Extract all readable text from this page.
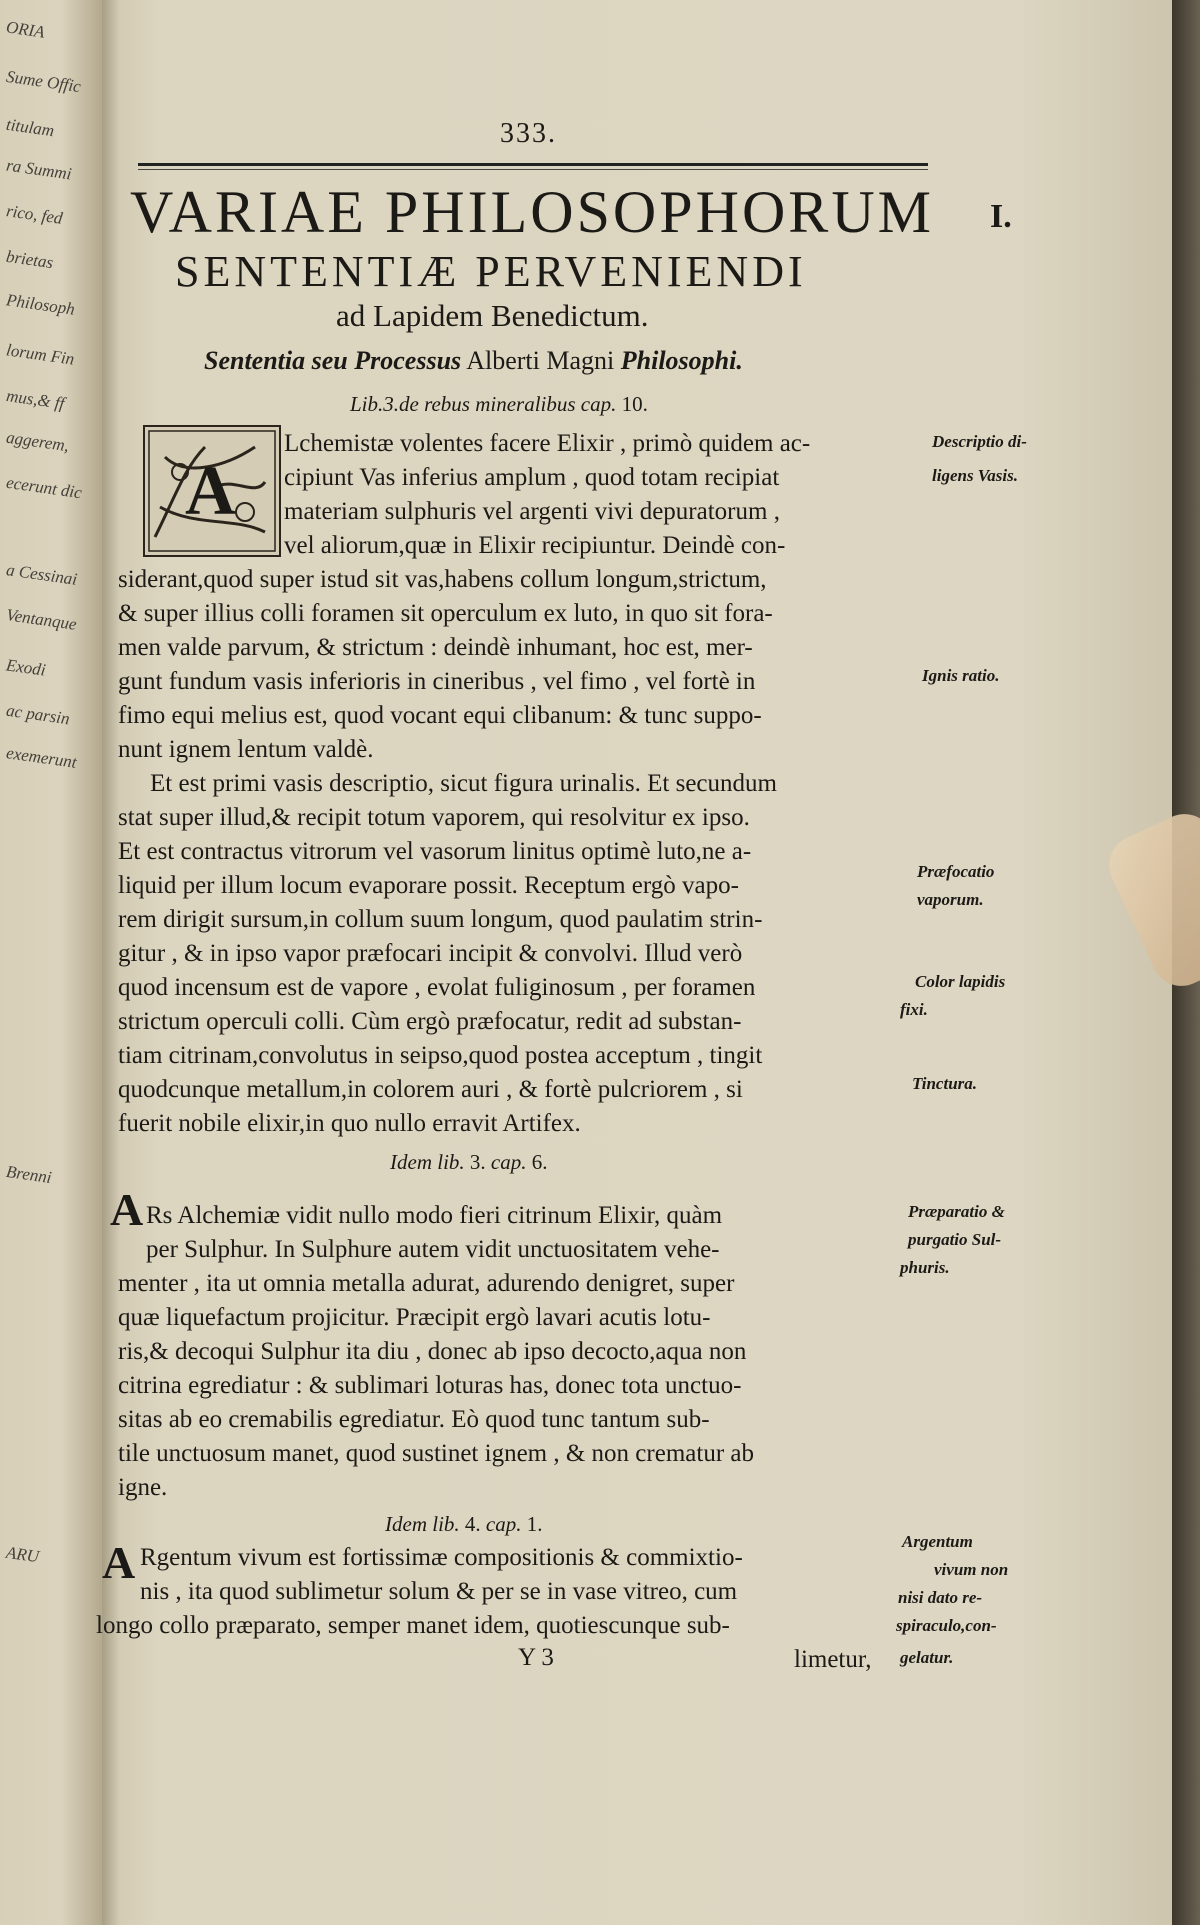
ORIA
Sume Offic
titulam
ra Summi
rico, fed
brietas
Philosoph
lorum Fin
mus,& ff
aggerem,
ecerunt dic
a Cessinai
Ventanque
Exodi
ac parsin
exemerunt
Brenni
ARU
333.
VARIAE PHILOSOPHORUM I.
SENTENTIÆ PERVENIENDI
ad Lapidem Benedictum.
Sententia seu Processus Alberti Magni Philosophi.
Lib.3.de rebus mineralibus cap. 10.
A
Lchemistæ volentes facere Elixir , primò quidem ac-
cipiunt Vas inferius amplum , quod totam recipiat
materiam sulphuris vel argenti vivi depuratorum ,
vel aliorum,quæ in Elixir recipiuntur. Deindè con-
siderant,quod super istud sit vas,habens collum longum,strictum,
& super illius colli foramen sit operculum ex luto, in quo sit fora-
men valde parvum, & strictum : deindè inhumant, hoc est, mer-
gunt fundum vasis inferioris in cineribus , vel fimo , vel fortè in
fimo equi melius est, quod vocant equi clibanum: & tunc suppo-
nunt ignem lentum valdè.
Et est primi vasis descriptio, sicut figura urinalis. Et secundum
stat super illud,& recipit totum vaporem, qui resolvitur ex ipso.
Et est contractus vitrorum vel vasorum linitus optimè luto,ne a-
liquid per illum locum evaporare possit. Receptum ergò vapo-
rem dirigit sursum,in collum suum longum, quod paulatim strin-
gitur , & in ipso vapor præfocari incipit & convolvi. Illud verò
quod incensum est de vapore , evolat fuliginosum , per foramen
strictum operculi colli. Cùm ergò præfocatur, redit ad substan-
tiam citrinam,convolutus in seipso,quod postea acceptum , tingit
quodcunque metallum,in colorem auri , & fortè pulcriorem , si
fuerit nobile elixir,in quo nullo erravit Artifex.
Idem lib. 3. cap. 6.
A Rs Alchemiæ vidit nullo modo fieri citrinum Elixir, quàm
per Sulphur. In Sulphure autem vidit unctuositatem vehe-
menter , ita ut omnia metalla adurat, adurendo denigret, super
quæ liquefactum projicitur. Præcipit ergò lavari acutis lotu-
ris,& decoqui Sulphur ita diu , donec ab ipso decocto,aqua non
citrina egrediatur : & sublimari loturas has, donec tota unctuo-
sitas ab eo cremabilis egrediatur. Eò quod tunc tantum sub-
tile unctuosum manet, quod sustinet ignem , & non crematur ab
igne.
Idem lib. 4. cap. 1.
A Rgentum vivum est fortissimæ compositionis & commixtio-
nis , ita quod sublimetur solum & per se in vase vitreo, cum
longo collo præparato, semper manet idem, quotiescunque sub-
Y 3	limetur,
Descriptio di-
ligens Vasis.
Ignis ratio.
Præfocatio
vaporum.
Color lapidis
fixi.
Tinctura.
Præparatio &
purgatio Sul-
phuris.
Argentum
vivum non
nisi dato re-
spiraculo,con-
gelatur.
